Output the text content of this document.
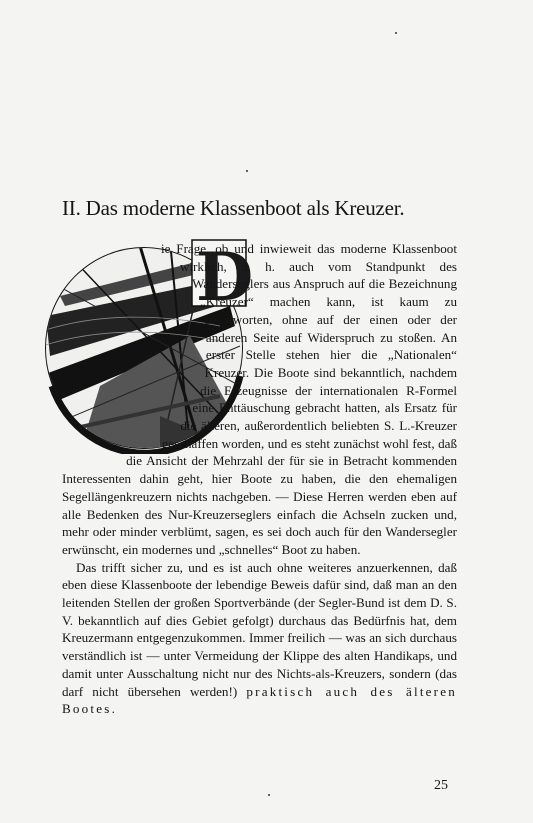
II. Das moderne Klassenboot als Kreuzer.
D

ie Frage, ob und inwieweit das moderne Klassenboot wirklich, d. h. auch vom Standpunkt des Wanderseglers aus Anspruch auf die Bezeichnung „Kreuzer“ machen kann, ist kaum zu beantworten, ohne auf der einen oder der anderen Seite auf Widerspruch zu stoßen. An erster Stelle stehen hier die „Nationalen“ Kreuzer. Die Boote sind bekanntlich, nachdem die Erzeugnisse der internationalen R-Formel eine Enttäuschung gebracht hatten, als Ersatz für die älteren, außerordentlich beliebten S. L.-Kreuzer geschaffen worden, und es steht zunächst wohl fest, daß die Ansicht der Mehrzahl der für sie in Betracht kommenden Interessenten dahin geht, hier Boote zu haben, die den ehemaligen Segellängenkreuzern nichts nachgeben. — Diese Herren werden eben auf alle Bedenken des Nur-Kreuzerseglers einfach die Achseln zucken und, mehr oder minder verblümt, sagen, es sei doch auch für den Wandersegler erwünscht, ein modernes und „schnelles“ Boot zu haben.

Das trifft sicher zu, und es ist auch ohne weiteres anzuerkennen, daß eben diese Klassenboote der lebendige Beweis dafür sind, daß man an den leitenden Stellen der großen Sportverbände (der Segler-Bund ist dem D. S. V. bekanntlich auf dies Gebiet gefolgt) durchaus das Bedürfnis hat, dem Kreuzermann entgegenzukommen. Immer freilich — was an sich durchaus verständlich ist — unter Vermeidung der Klippe des alten Handikaps, und damit unter Ausschaltung nicht nur des Nichts-als-Kreuzers, sondern (das darf nicht übersehen werden!) praktisch auch des älteren Bootes.

25
